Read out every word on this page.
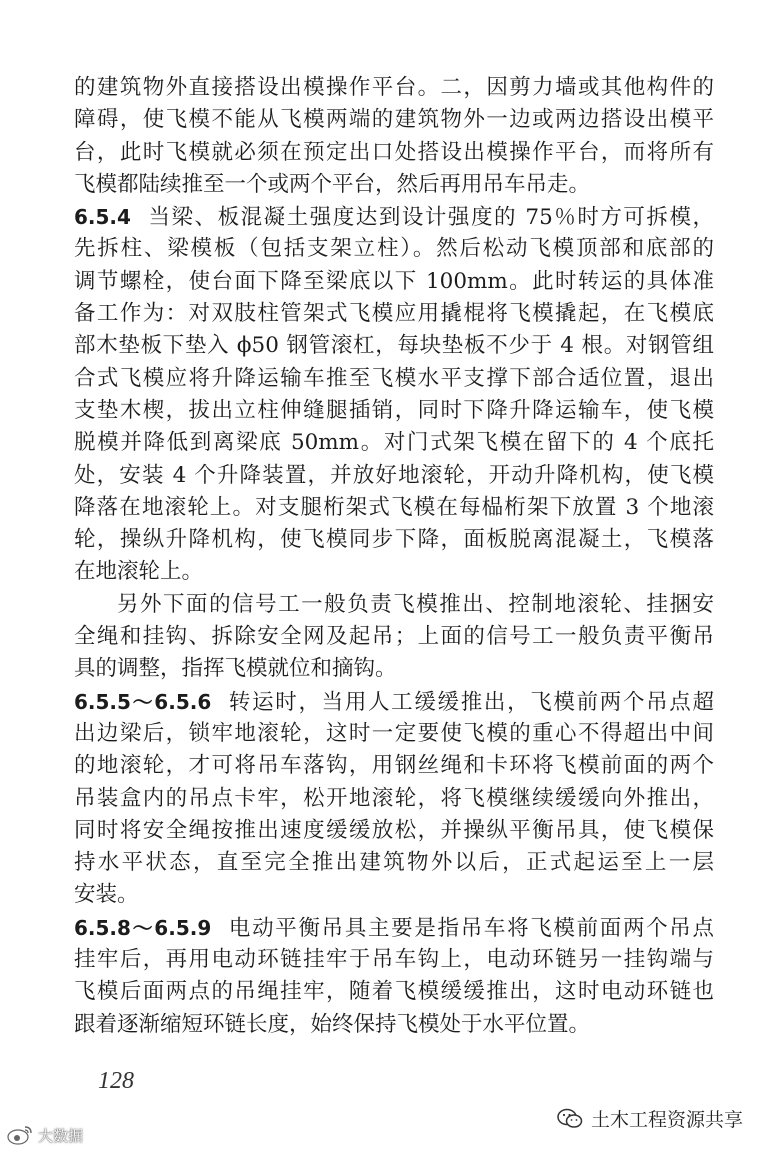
的建筑物外直接搭设出模操作平台。二，因剪力墙或其他构件的
障碍，使飞模不能从飞模两端的建筑物外一边或两边搭设出模平
台，此时飞模就必须在预定出口处搭设出模操作平台，而将所有
飞模都陆续推至一个或两个平台，然后再用吊车吊走。
6.5.4 当梁、板混凝土强度达到设计强度的 75％时方可拆模，
先拆柱、梁模板（包括支架立柱）。然后松动飞模顶部和底部的
调节螺栓，使台面下降至梁底以下 100mm。此时转运的具体准
备工作为：对双肢柱管架式飞模应用撬棍将飞模撬起，在飞模底
部木垫板下垫入 ϕ50 钢管滚杠，每块垫板不少于 4 根。对钢管组
合式飞模应将升降运输车推至飞模水平支撑下部合适位置，退出
支垫木楔，拔出立柱伸缝腿插销，同时下降升降运输车，使飞模
脱模并降低到离梁底 50mm。对门式架飞模在留下的 4 个底托
处，安装 4 个升降装置，并放好地滚轮，开动升降机构，使飞模
降落在地滚轮上。对支腿桁架式飞模在每榀桁架下放置 3 个地滚
轮，操纵升降机构，使飞模同步下降，面板脱离混凝土，飞模落
在地滚轮上。
另外下面的信号工一般负责飞模推出、控制地滚轮、挂捆安
全绳和挂钩、拆除安全网及起吊；上面的信号工一般负责平衡吊
具的调整，指挥飞模就位和摘钩。
6.5.5～6.5.6 转运时，当用人工缓缓推出，飞模前两个吊点超
出边梁后，锁牢地滚轮，这时一定要使飞模的重心不得超出中间
的地滚轮，才可将吊车落钩，用钢丝绳和卡环将飞模前面的两个
吊装盒内的吊点卡牢，松开地滚轮，将飞模继续缓缓向外推出，
同时将安全绳按推出速度缓缓放松，并操纵平衡吊具，使飞模保
持水平状态，直至完全推出建筑物外以后，正式起运至上一层
安装。
6.5.8～6.5.9 电动平衡吊具主要是指吊车将飞模前面两个吊点
挂牢后，再用电动环链挂牢于吊车钩上，电动环链另一挂钩端与
飞模后面两点的吊绳挂牢，随着飞模缓缓推出，这时电动环链也
跟着逐渐缩短环链长度，始终保持飞模处于水平位置。
128
土木工程资源共享
大数据
